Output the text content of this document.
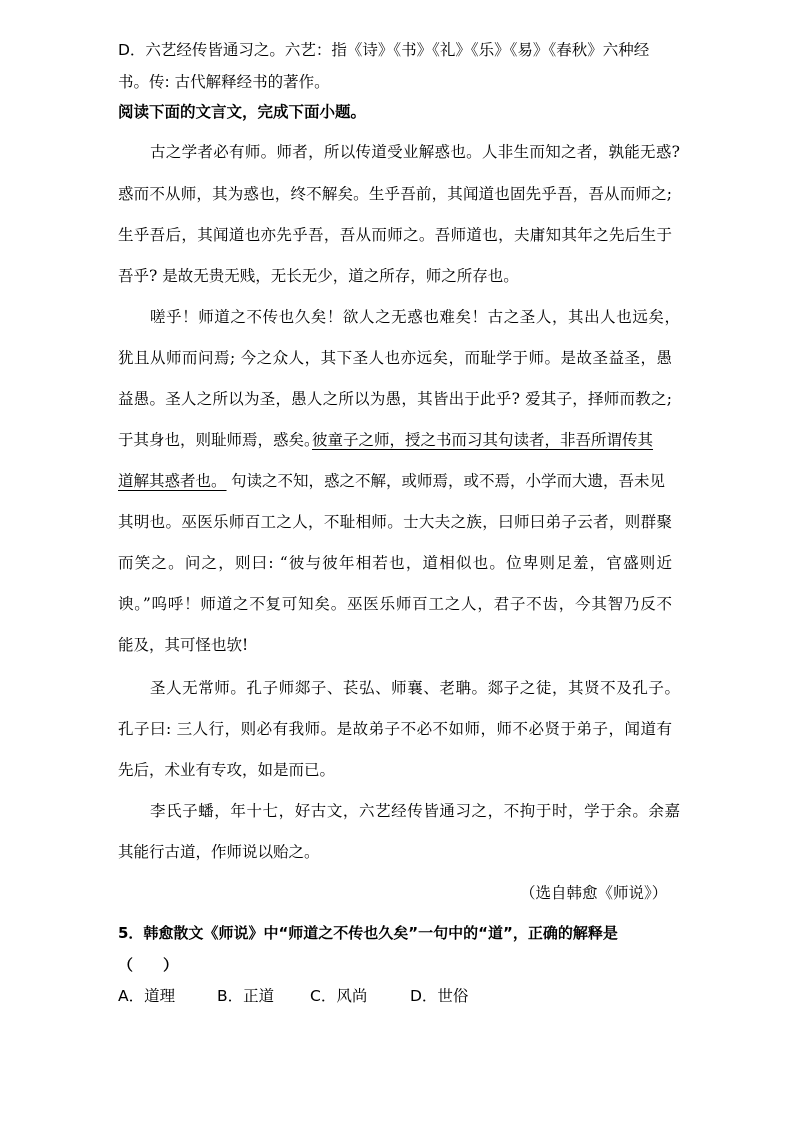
D．六艺经传皆通习之。六艺：指《诗》《书》《礼》《乐》《易》《春秋》六种经
书。传: 古代解释经书的著作。
阅读下面的文言文，完成下面小题。
古之学者必有师。师者，所以传道受业解惑也。人非生而知之者，孰能无惑?
惑而不从师，其为惑也，终不解矣。生乎吾前，其闻道也固先乎吾，吾从而师之;
生乎吾后，其闻道也亦先乎吾，吾从而师之。吾师道也，夫庸知其年之先后生于
吾乎? 是故无贵无贱，无长无少，道之所存，师之所存也。
嗟乎！师道之不传也久矣！欲人之无惑也难矣！古之圣人，其出人也远矣，
犹且从师而问焉; 今之众人，其下圣人也亦远矣，而耻学于师。是故圣益圣，愚
益愚。圣人之所以为圣，愚人之所以为愚，其皆出于此乎? 爱其子，择师而教之;
于其身也，则耻师焉，惑矣。
彼童子之师，授之书而习其句读者，非吾所谓传其
道解其惑者也。 句读之不知，惑之不解，或师焉，或不焉，小学而大遗，吾未见
其明也。巫医乐师百工之人，不耻相师。士大夫之族，曰师曰弟子云者，则群聚
而笑之。问之，则曰: “彼与彼年相若也，道相似也。位卑则足羞，官盛则近
谀。”呜呼！师道之不复可知矣。巫医乐师百工之人，君子不齿，今其智乃反不
能及，其可怪也欤!
圣人无常师。孔子师郯子、苌弘、师襄、老聃。郯子之徒，其贤不及孔子。
孔子曰: 三人行，则必有我师。是故弟子不必不如师，师不必贤于弟子，闻道有
先后，术业有专攻，如是而已。
李氏子蟠，年十七，好古文，六艺经传皆通习之，不拘于时，学于余。余嘉
其能行古道，作师说以贻之。
（选自韩愈《师说》）
5．韩愈散文《师说》中“师道之不传也久矣”一句中的“道”，正确的解释是
（　　）
A．道理	B．正道 C．风尚	D．世俗
